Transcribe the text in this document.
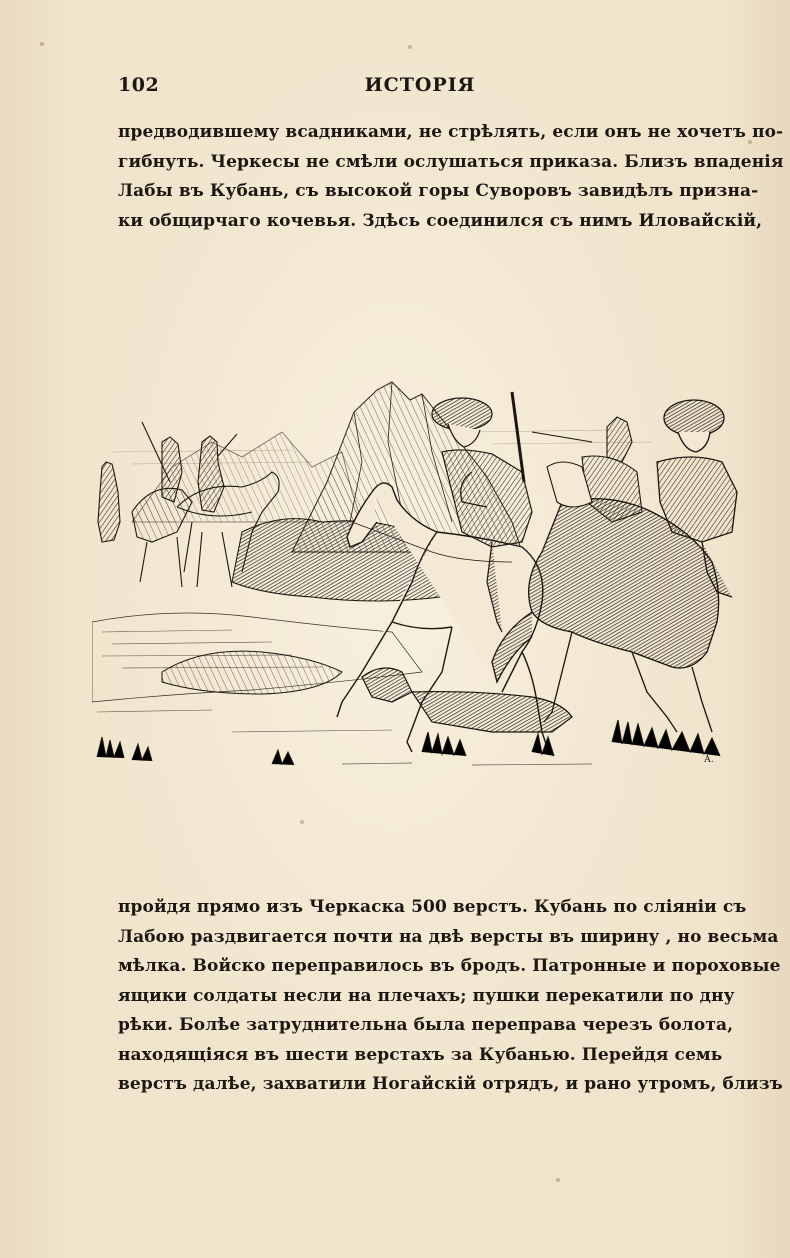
102	ИСТОРІЯ
предводившему всадниками, не стрѣлять, если онъ не хочетъ по-
гибнуть. Черкесы не смѣли ослушаться приказа. Близъ впаденія
Лабы въ Кубань, съ высокой горы Суворовъ завидѣлъ призна-
ки общирчаго кочевья. Здѣсь соединился съ нимъ Иловайскій,
А.
пройдя прямо изъ Черкаска 500 верстъ. Кубань по сліяніи съ
Лабою раздвигается почти на двѣ версты въ ширину , но весьма
мѣлка. Войско переправилось въ бродъ. Патронные и пороховые
ящики солдаты несли на плечахъ; пушки перекатили по дну
рѣки. Болѣе затруднительна была переправа черезъ болота,
находящіяся въ шести верстахъ за Кубанью. Перейдя семь
верстъ далѣе, захватили Ногайскій отрядъ, и рано утромъ, близъ
